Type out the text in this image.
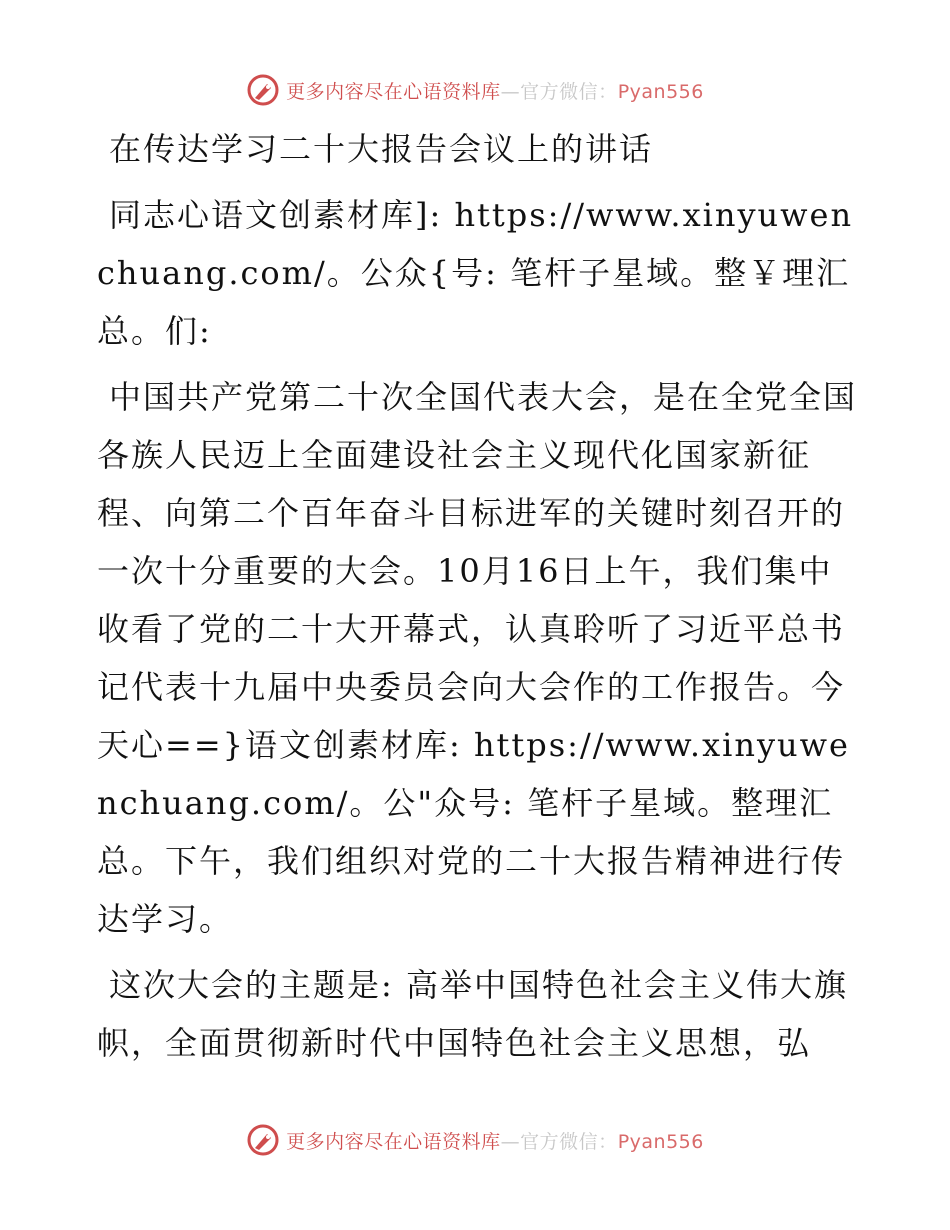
更多内容尽在心语资料库—官方微信：Pyan556

在传达学习二十大报告会议上的讲话

同志心语文创素材库]: https://www.xinyuwenchuang.com/。公众{号: 笔杆子星域。整￥理汇总。们:

中国共产党第二十次全国代表大会，是在全党全国各族人民迈上全面建设社会主义现代化国家新征程、向第二个百年奋斗目标进军的关键时刻召开的一次十分重要的大会。10月16日上午，我们集中收看了党的二十大开幕式，认真聆听了习近平总书记代表十九届中央委员会向大会作的工作报告。今天心==}语文创素材库: https://www.xinyuwenchuang.com/。公"众号: 笔杆子星域。整理汇总。下午，我们组织对党的二十大报告精神进行传达学习。

这次大会的主题是: 高举中国特色社会主义伟大旗帜，全面贯彻新时代中国特色社会主义思想，弘

更多内容尽在心语资料库—官方微信：Pyan556
